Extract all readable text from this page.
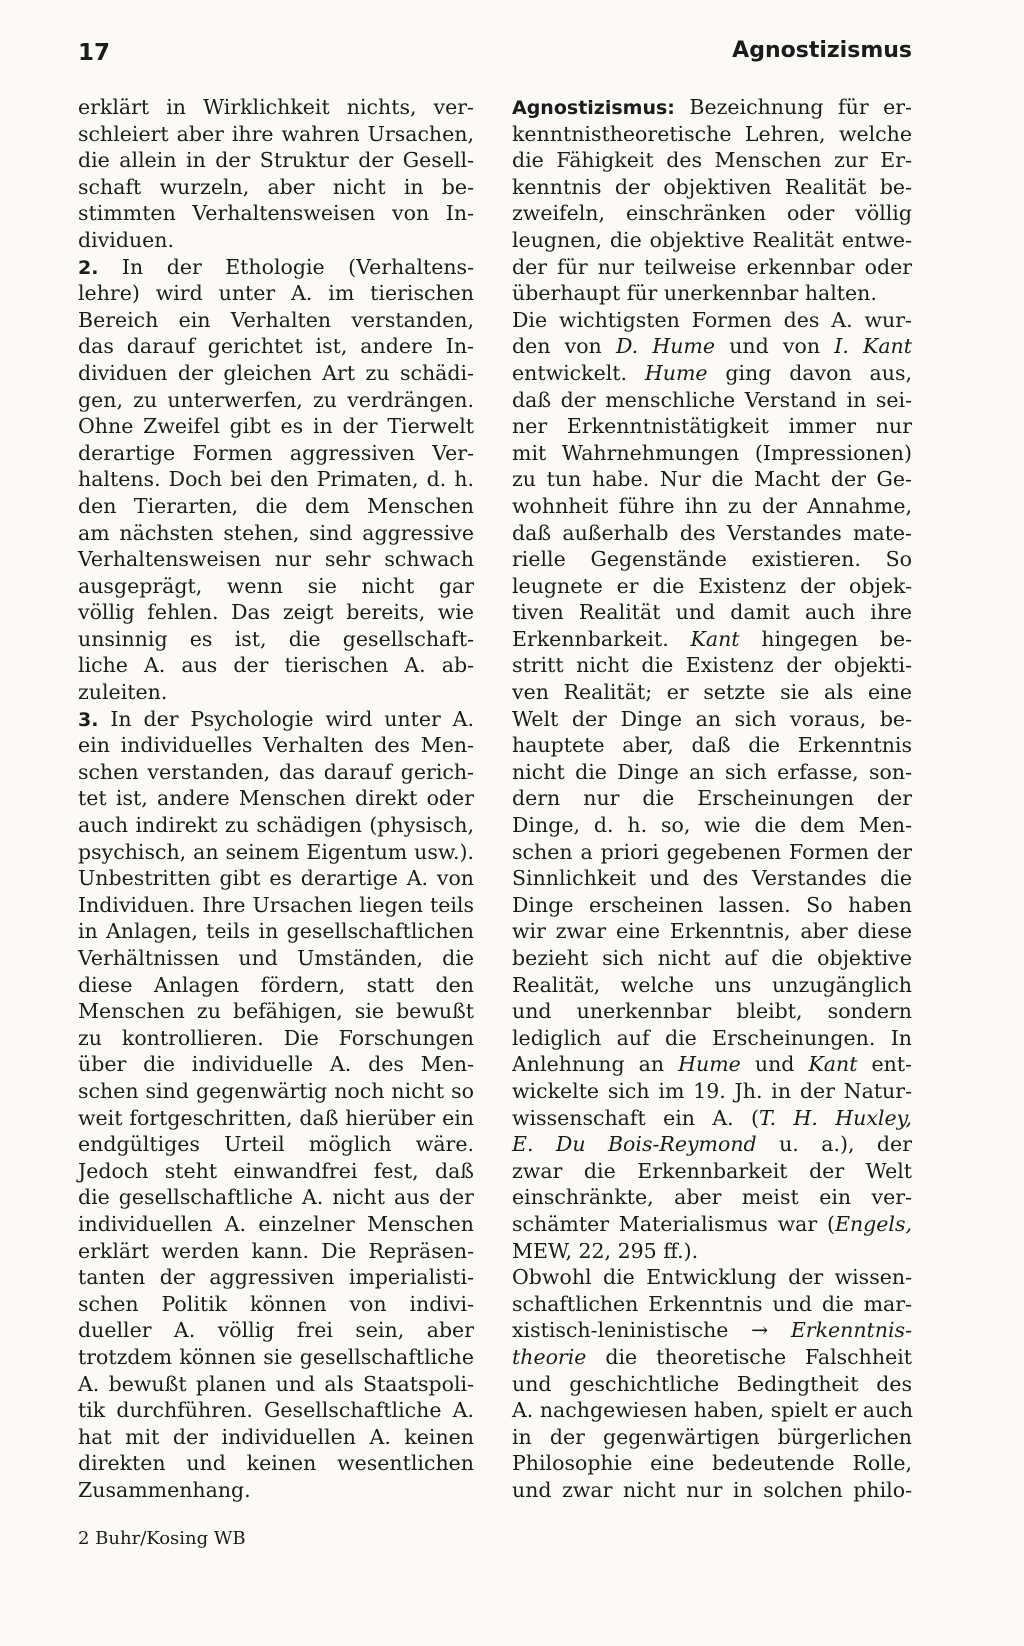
17	Agnostizismus
erklärt in Wirklichkeit nichts, ver-
schleiert aber ihre wahren Ursachen,
die allein in der Struktur der Gesell-
schaft wurzeln, aber nicht in be-
stimmten Verhaltensweisen von In-
dividuen.
2. In der Ethologie (Verhaltens-
lehre) wird unter A. im tierischen
Bereich ein Verhalten verstanden,
das darauf gerichtet ist, andere In-
dividuen der gleichen Art zu schädi-
gen, zu unterwerfen, zu verdrängen.
Ohne Zweifel gibt es in der Tierwelt
derartige Formen aggressiven Ver-
haltens. Doch bei den Primaten, d. h.
den Tierarten, die dem Menschen
am nächsten stehen, sind aggressive
Verhaltensweisen nur sehr schwach
ausgeprägt, wenn sie nicht gar
völlig fehlen. Das zeigt bereits, wie
unsinnig es ist, die gesellschaft-
liche A. aus der tierischen A. ab-
zuleiten.
3. In der Psychologie wird unter A.
ein individuelles Verhalten des Men-
schen verstanden, das darauf gerich-
tet ist, andere Menschen direkt oder
auch indirekt zu schädigen (physisch,
psychisch, an seinem Eigentum usw.).
Unbestritten gibt es derartige A. von
Individuen. Ihre Ursachen liegen teils
in Anlagen, teils in gesellschaftlichen
Verhältnissen und Umständen, die
diese Anlagen fördern, statt den
Menschen zu befähigen, sie bewußt
zu kontrollieren. Die Forschungen
über die individuelle A. des Men-
schen sind gegenwärtig noch nicht so
weit fortgeschritten, daß hierüber ein
endgültiges Urteil möglich wäre.
Jedoch steht einwandfrei fest, daß
die gesellschaftliche A. nicht aus der
individuellen A. einzelner Menschen
erklärt werden kann. Die Repräsen-
tanten der aggressiven imperialisti-
schen Politik können von indivi-
dueller A. völlig frei sein, aber
trotzdem können sie gesellschaftliche
A. bewußt planen und als Staatspoli-
tik durchführen. Gesellschaftliche A.
hat mit der individuellen A. keinen
direkten und keinen wesentlichen
Zusammenhang.
Agnostizismus: Bezeichnung für er-
kenntnistheoretische Lehren, welche
die Fähigkeit des Menschen zur Er-
kenntnis der objektiven Realität be-
zweifeln, einschränken oder völlig
leugnen, die objektive Realität entwe-
der für nur teilweise erkennbar oder
überhaupt für unerkennbar halten.
Die wichtigsten Formen des A. wur-
den von D. Hume und von I. Kant
entwickelt. Hume ging davon aus,
daß der menschliche Verstand in sei-
ner Erkenntnistätigkeit immer nur
mit Wahrnehmungen (Impressionen)
zu tun habe. Nur die Macht der Ge-
wohnheit führe ihn zu der Annahme,
daß außerhalb des Verstandes mate-
rielle Gegenstände existieren. So
leugnete er die Existenz der objek-
tiven Realität und damit auch ihre
Erkennbarkeit. Kant hingegen be-
stritt nicht die Existenz der objekti-
ven Realität; er setzte sie als eine
Welt der Dinge an sich voraus, be-
hauptete aber, daß die Erkenntnis
nicht die Dinge an sich erfasse, son-
dern nur die Erscheinungen der
Dinge, d. h. so, wie die dem Men-
schen a priori gegebenen Formen der
Sinnlichkeit und des Verstandes die
Dinge erscheinen lassen. So haben
wir zwar eine Erkenntnis, aber diese
bezieht sich nicht auf die objektive
Realität, welche uns unzugänglich
und unerkennbar bleibt, sondern
lediglich auf die Erscheinungen. In
Anlehnung an Hume und Kant ent-
wickelte sich im 19. Jh. in der Natur-
wissenschaft ein A. (T. H. Huxley,
E. Du Bois-Reymond u. a.), der
zwar die Erkennbarkeit der Welt
einschränkte, aber meist ein ver-
schämter Materialismus war (Engels,
MEW, 22, 295 ff.).
Obwohl die Entwicklung der wissen-
schaftlichen Erkenntnis und die mar-
xistisch-leninistische → Erkenntnis-
theorie die theoretische Falschheit
und geschichtliche Bedingtheit des
A. nachgewiesen haben, spielt er auch
in der gegenwärtigen bürgerlichen
Philosophie eine bedeutende Rolle,
und zwar nicht nur in solchen philo-
2 Buhr/Kosing WB
